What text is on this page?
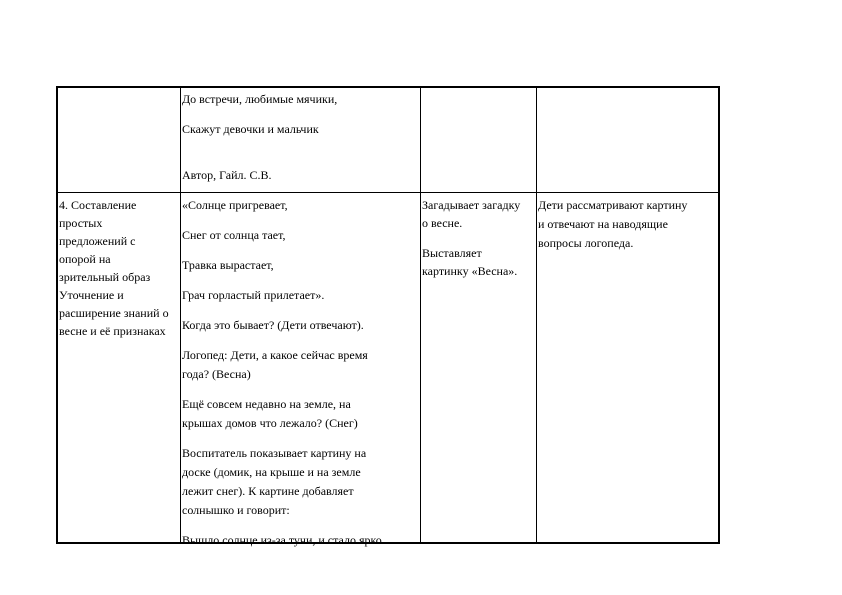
До встречи, любимые мячики,

Скажут девочки и мальчик

Автор, Гайл. С.В.

4. Составление

простых

предложений с

опорой на

зрительный образ

Уточнение и

расширение знаний о

весне и её признаках

«Солнце пригревает,

Снег от солнца тает,

Травка вырастает,

Грач горластый прилетает».

Когда это бывает? (Дети отвечают).

Логопед: Дети, а какое сейчас время

года? (Весна)

Ещё совсем недавно на земле, на

крышах домов что лежало? (Снег)

Воспитатель показывает картину на

доске (домик, на крыше и на земле

лежит снег). К картине добавляет

солнышко и говорит:

Вышло солнце из-за тучи, и стало ярко

Загадывает загадку

о весне.

Выставляет

картинку «Весна».

Дети рассматривают картину

и отвечают на наводящие

вопросы логопеда.
